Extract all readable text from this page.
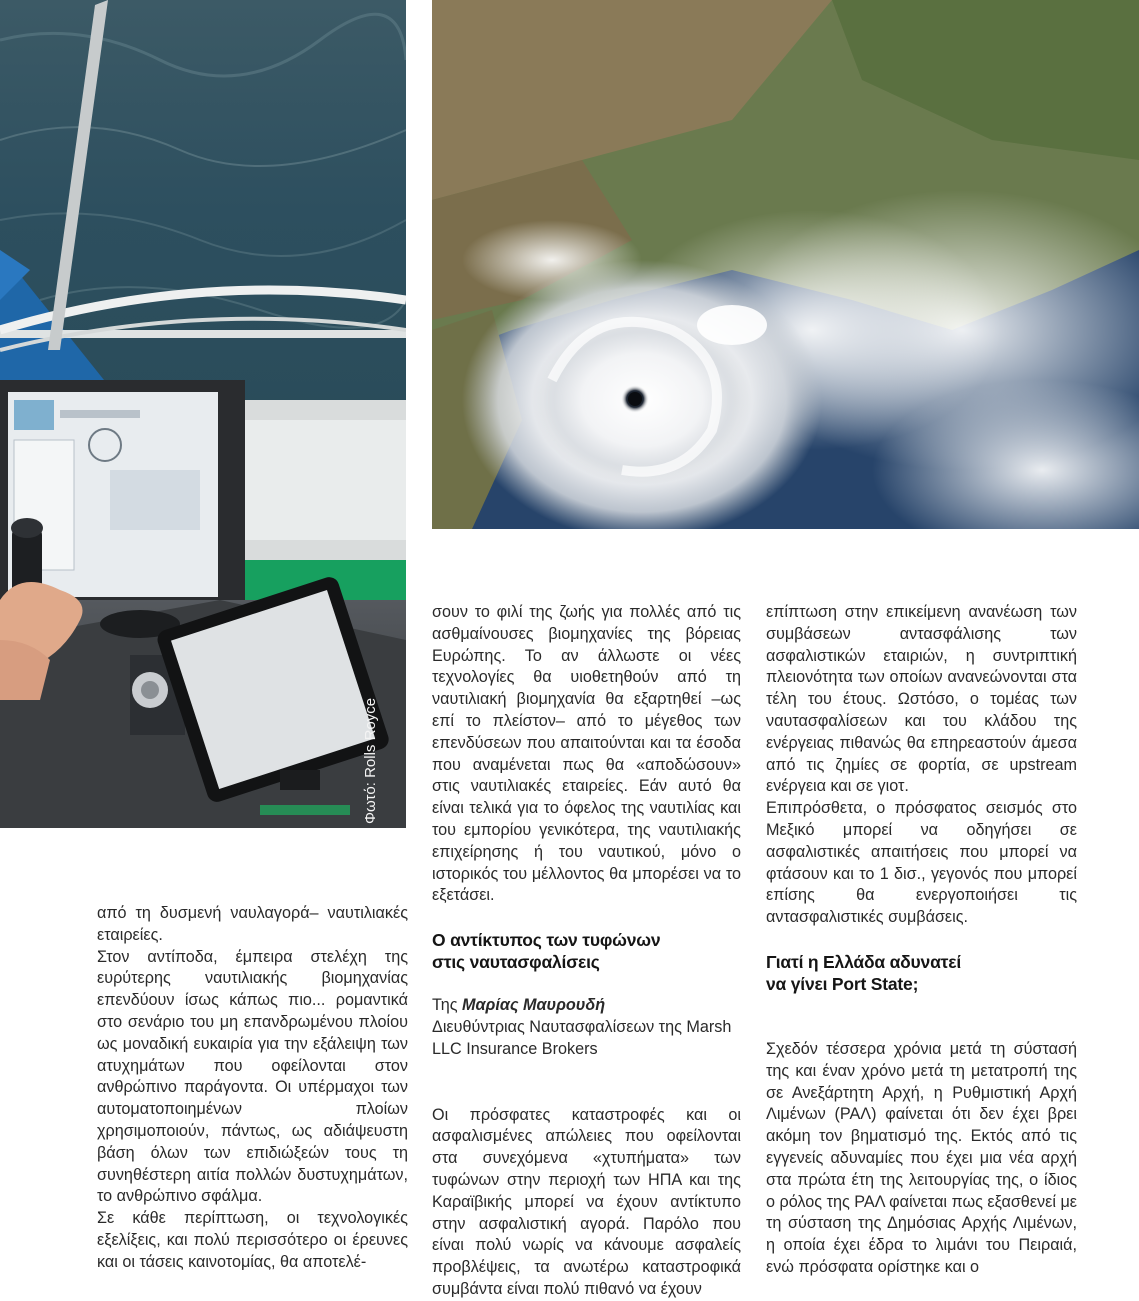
Φωτό: Rolls Royce

από τη δυσμενή ναυλαγορά– ναυτιλιακές εταιρείες.

Στον αντίποδα, έμπειρα στελέχη της ευρύτερης ναυτιλιακής βιομηχανίας επενδύουν ίσως κάπως πιο... ρομαντικά στο σενάριο του μη επανδρωμένου πλοίου ως μοναδική ευκαιρία για την εξάλειψη των ατυχημάτων που οφείλονται στον ανθρώπινο παράγοντα. Οι υπέρμαχοι των αυτοματοποιημένων πλοίων χρησιμοποιούν, πάντως, ως αδιάψευστη βάση όλων των επιδιώξεών τους τη συνηθέστερη αιτία πολλών δυστυχημάτων, το ανθρώπινο σφάλμα.

Σε κάθε περίπτωση, οι τεχνολογικές εξελίξεις, και πολύ περισσότερο οι έρευνες και οι τάσεις καινοτομίας, θα αποτελέ-

σουν το φιλί της ζωής για πολλές από τις ασθμαίνουσες βιομηχανίες της βόρειας Ευρώπης. Το αν άλλωστε οι νέες τεχνολογίες θα υιοθετηθούν από τη ναυτιλιακή βιομηχανία θα εξαρτηθεί –ως επί το πλείστον– από το μέγεθος των επενδύσεων που απαιτούνται και τα έσοδα που αναμένεται πως θα «αποδώσουν» στις ναυτιλιακές εταιρείες. Εάν αυτό θα είναι τελικά για το όφελος της ναυτιλίας και του εμπορίου γενικότερα, της ναυτιλιακής επιχείρησης ή του ναυτικού, μόνο ο ιστορικός του μέλλοντος θα μπορέσει να το εξετάσει.

Ο αντίκτυπος των τυφώνων
στις ναυτασφαλίσεις
Της Μαρίας Μαυρουδή
Διευθύντριας Ναυτασφαλίσεων της Marsh LLC Insurance Brokers

Οι πρόσφατες καταστροφές και οι ασφαλισμένες απώλειες που οφείλονται στα συνεχόμενα «χτυπήματα» των τυφώνων στην περιοχή των ΗΠΑ και της Καραϊβικής μπορεί να έχουν αντίκτυπο στην ασφαλιστική αγορά. Παρόλο που είναι πολύ νωρίς να κάνουμε ασφαλείς προβλέψεις, τα ανωτέρω καταστροφικά συμβάντα είναι πολύ πιθανό να έχουν

επίπτωση στην επικείμενη ανανέωση των συμβάσεων αντασφάλισης των ασφαλιστικών εταιριών, η συντριπτική πλειονότητα των οποίων ανανεώνονται στα τέλη του έτους. Ωστόσο, ο τομέας των ναυτασφαλίσεων και του κλάδου της ενέργειας πιθανώς θα επηρεαστούν άμεσα από τις ζημίες σε φορτία, σε upstream ενέργεια και σε γιοτ.

Επιπρόσθετα, ο πρόσφατος σεισμός στο Μεξικό μπορεί να οδηγήσει σε ασφαλιστικές απαιτήσεις που μπορεί να φτάσουν και το 1 δισ., γεγονός που μπορεί επίσης θα ενεργοποιήσει τις αντασφαλιστικές συμβάσεις.

Γιατί η Ελλάδα αδυνατεί
να γίνει Port State;

Σχεδόν τέσσερα χρόνια μετά τη σύστασή της και έναν χρόνο μετά τη μετατροπή της σε Ανεξάρτητη Αρχή, η Ρυθμιστική Αρχή Λιμένων (ΡΑΛ) φαίνεται ότι δεν έχει βρει ακόμη τον βηματισμό της. Εκτός από τις εγγενείς αδυναμίες που έχει μια νέα αρχή στα πρώτα έτη της λειτουργίας της, ο ίδιος ο ρόλος της ΡΑΛ φαίνεται πως εξασθενεί με τη σύσταση της Δημόσιας Αρχής Λιμένων, η οποία έχει έδρα το λιμάνι του Πειραιά, ενώ πρόσφατα ορίστηκε και ο
